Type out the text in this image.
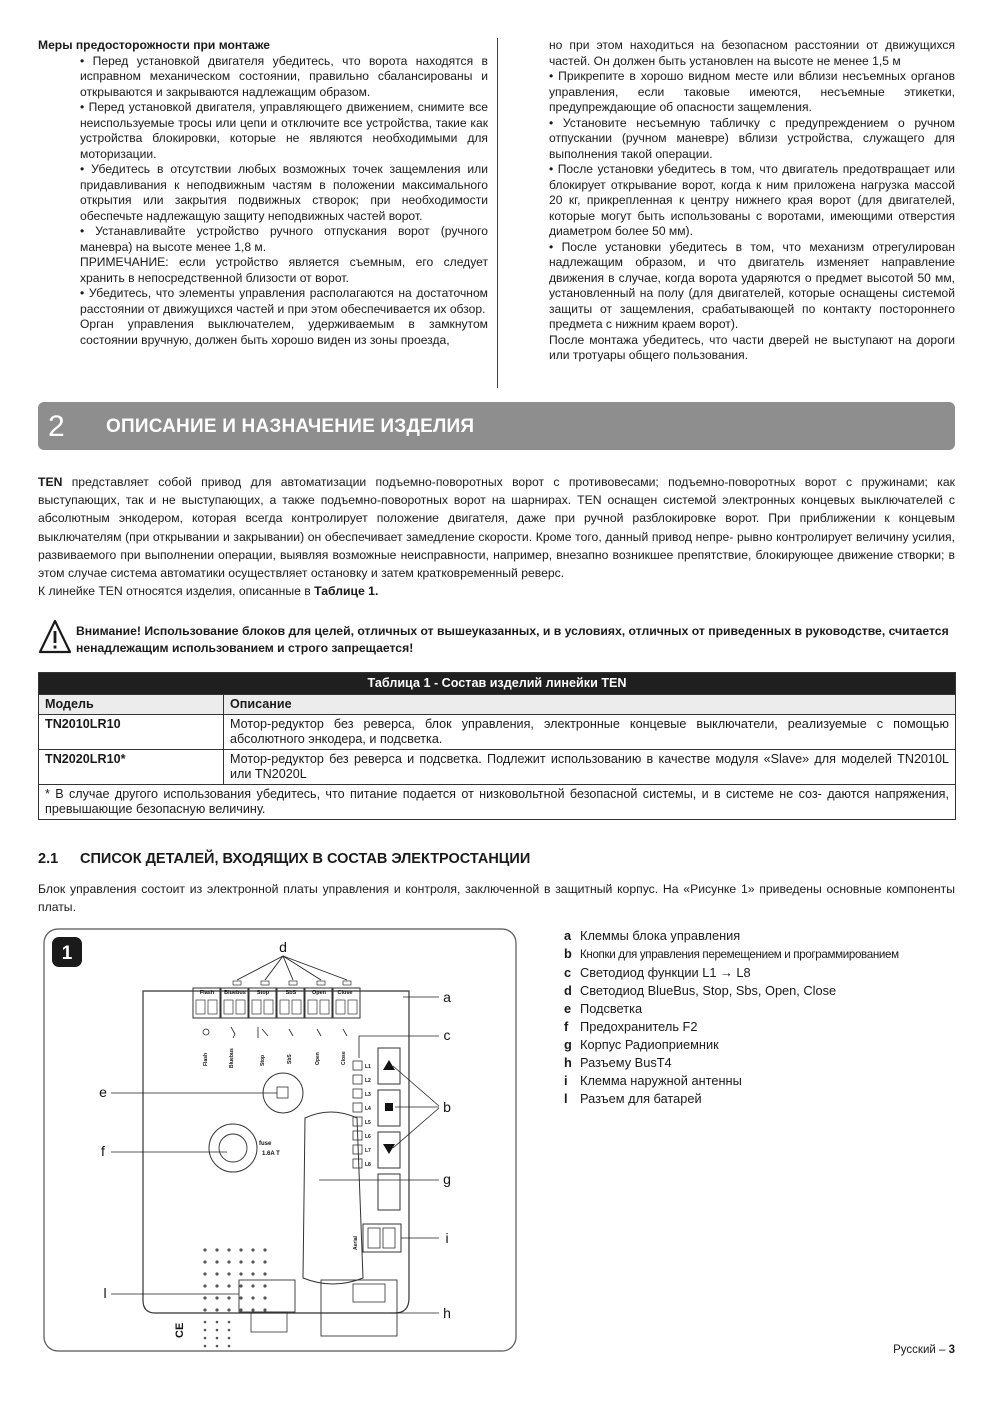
Меры предосторожности при монтаже

• Перед установкой двигателя убедитесь, что ворота находятся в исправном механическом состоянии, правильно сбалансированы и открываются и закрываются надлежащим образом.

• Перед установкой двигателя, управляющего движением, снимите все неиспользуемые тросы или цепи и отключите все устройства, такие как устройства блокировки, которые не являются необходимыми для моторизации.

• Убедитесь в отсутствии любых возможных точек защемления или придавливания к неподвижным частям в положении максимального открытия или закрытия подвижных створок; при необходимости обеспечьте надлежащую защиту неподвижных частей ворот.

• Устанавливайте устройство ручного отпускания ворот (ручного маневра) на высоте менее 1,8 м.

ПРИМЕЧАНИЕ: если устройство является съемным, его следует хранить в непосредственной близости от ворот.

• Убедитесь, что элементы управления располагаются на достаточном расстоянии от движущихся частей и при этом обеспечивается их обзор.

Орган управления выключателем, удерживаемым в замкнутом состоянии вручную, должен быть хорошо виден из зоны проезда,

но при этом находиться на безопасном расстоянии от движущихся частей. Он должен быть установлен на высоте не менее 1,5 м

• Прикрепите в хорошо видном месте или вблизи несъемных органов управления, если таковые имеются, несъемные этикетки, предупреждающие об опасности защемления.

• Установите несъемную табличку с предупреждением о ручном отпускании (ручном маневре) вблизи устройства, служащего для выполнения такой операции.

• После установки убедитесь в том, что двигатель предотвращает или блокирует открывание ворот, когда к ним приложена нагрузка массой 20 кг, прикрепленная к центру нижнего края ворот (для двигателей, которые могут быть использованы с воротами, имеющими отверстия диаметром более 50 мм).

• После установки убедитесь в том, что механизм отрегулирован надлежащим образом, и что двигатель изменяет направление движения в случае, когда ворота ударяются о предмет высотой 50 мм, установленный на полу (для двигателей, которые оснащены системой защиты от защемления, срабатывающей по контакту постороннего предмета с нижним краем ворот).

После монтажа убедитесь, что части дверей не выступают на дороги или тротуары общего пользования.

2 ОПИСАНИЕ И НАЗНАЧЕНИЕ ИЗДЕЛИЯ

TEN представляет собой привод для автоматизации подъемно-поворотных ворот с противовесами; подъемно-поворотных ворот с пружинами; как выступающих, так и не выступающих, а также подъемно-поворотных ворот на шарнирах. TEN оснащен системой электронных концевых выключателей с абсолютным энкодером, которая всегда контролирует положение двигателя, даже при ручной разблокировке ворот. При приближении к концевым выключателям (при открывании и закрывании) он обеспечивает замедление скорости. Кроме того, данный привод непре- рывно контролирует величину усилия, развиваемого при выполнении операции, выявляя возможные неисправности, например, внезапно возникшее препятствие, блокирующее движение створки; в этом случае система автоматики осуществляет остановку и затем кратковременный реверс.

К линейке TEN относятся изделия, описанные в Таблице 1.

Внимание! Использование блоков для целей, отличных от вышеуказанных, и в условиях, отличных от приведенных в руководстве, считается ненадлежащим использованием и строго запрещается!
Таблица 1 - Состав изделий линейки TEN	
Модель	Описание
TN2010LR10	Мотор-редуктор без реверса, блок управления, электронные концевые выключатели, реализуемые с помощью абсолютного энкодера, и подсветка.
TN2020LR10*	Мотор-редуктор без реверса и подсветка. Подлежит использованию в качестве модуля «Slave» для моделей TN2010L или TN2020L
* В случае другого использования убедитесь, что питание подается от низковольтной безопасной системы, и в системе не соз- даются напряжения, превышающие безопасную величину.	
2.1 СПИСОК ДЕТАЛЕЙ, ВХОДЯЩИХ В СОСТАВ ЭЛЕКТРОСТАНЦИИ
Блок управления состоит из электронной платы управления и контроля, заключенной в защитный корпус. На «Рисунке 1» приведены основные компоненты платы.
1
Flash Bluebus Stop	SbS	Open Close
Flash	Bluebus	Stop	SbS	Open	Close
d
e
fuse
1.6A T
f
g
L1
L2
L3
L4
L5
L6
L7
L8
c
b
a
Aerial	i
h
l
CE
a Клеммы блока управления
b Кнопки для управления перемещением и программированием
c Светодиод функции L1 → L8
d Светодиод BlueBus, Stop, Sbs, Open, Close
e Подсветка
f Предохранитель F2
g Корпус Радиоприемник
h Разъему BusT4
i Клемма наружной антенны
l Разъем для батарей
Русский – 3
